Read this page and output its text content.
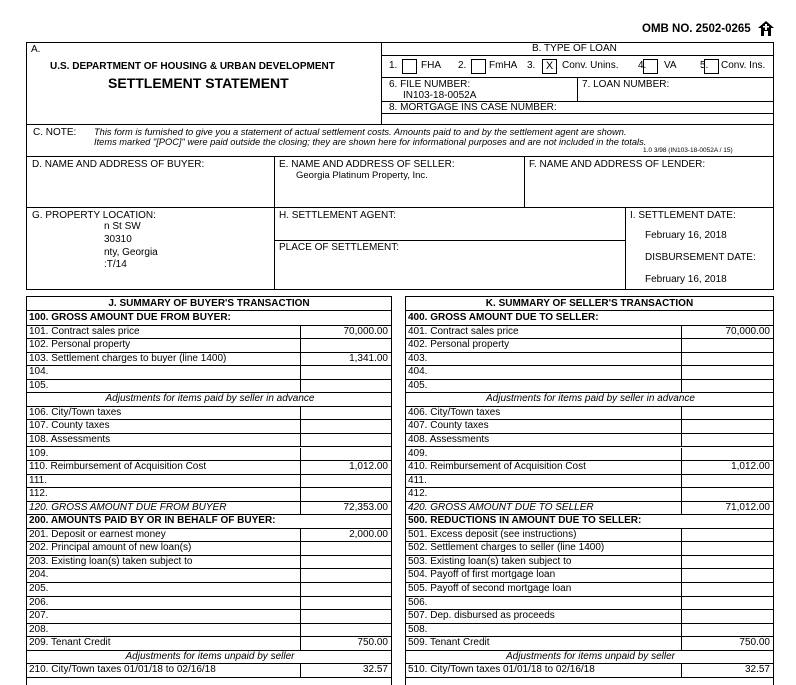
OMB NO. 2502-0265
A.
U.S. DEPARTMENT OF HOUSING & URBAN DEVELOPMENT
SETTLEMENT STATEMENT
B. TYPE OF LOAN
1. FHA 2. FmHA 3. X Conv. Unins. 4. VA 5. Conv. Ins.
6. FILE NUMBER:
IN103-18-0052A
7. LOAN NUMBER:
8. MORTGAGE INS CASE NUMBER:
C. NOTE: This form is furnished to give you a statement of actual settlement costs. Amounts paid to and by the settlement agent are shown.
Items marked "[POC]" were paid outside the closing; they are shown here for informational purposes and are not included in the totals.
1.0 3/98 (IN103-18-0052A / 15)
D. NAME AND ADDRESS OF BUYER:	E. NAME AND ADDRESS OF SELLER:
Georgia Platinum Property, Inc.
F. NAME AND ADDRESS OF LENDER:
G. PROPERTY LOCATION:
n St SW
30310
nty, Georgia
:T/14
H. SETTLEMENT AGENT:
PLACE OF SETTLEMENT:
I. SETTLEMENT DATE:
February 16, 2018
DISBURSEMENT DATE:
February 16, 2018
J. SUMMARY OF BUYER'S TRANSACTION
100. GROSS AMOUNT DUE FROM BUYER:
101. Contract sales price	70,000.00
102. Personal property
103. Settlement charges to buyer (line 1400)	1,341.00
104.
105.
Adjustments for items paid by seller in advance
106. City/Town taxes
107. County taxes
108. Assessments
109.
110. Reimbursement of Acquisition Cost	1,012.00
111.
112.
120. GROSS AMOUNT DUE FROM BUYER	72,353.00
200. AMOUNTS PAID BY OR IN BEHALF OF BUYER:
201. Deposit or earnest money	2,000.00
202. Principal amount of new loan(s)
203. Existing loan(s) taken subject to
204.
205.
206.
207.
208.
209. Tenant Credit	750.00
Adjustments for items unpaid by seller
210. City/Town taxes 01/01/18 to 02/16/18	32.57
K. SUMMARY OF SELLER'S TRANSACTION
400. GROSS AMOUNT DUE TO SELLER:
401. Contract sales price	70,000.00
402. Personal property
403.
404.
405.
Adjustments for items paid by seller in advance
406. City/Town taxes
407. County taxes
408. Assessments
409.
410. Reimbursement of Acquisition Cost	1,012.00
411.
412.
420. GROSS AMOUNT DUE TO SELLER	71,012.00
500. REDUCTIONS IN AMOUNT DUE TO SELLER:
501. Excess deposit (see instructions)
502. Settlement charges to seller (line 1400)
503. Existing loan(s) taken subject to
504. Payoff of first mortgage loan
505. Payoff of second mortgage loan
506.
507. Dep. disbursed as proceeds
508.
509. Tenant Credit	750.00
Adjustments for items unpaid by seller
510. City/Town taxes 01/01/18 to 02/16/18	32.57
